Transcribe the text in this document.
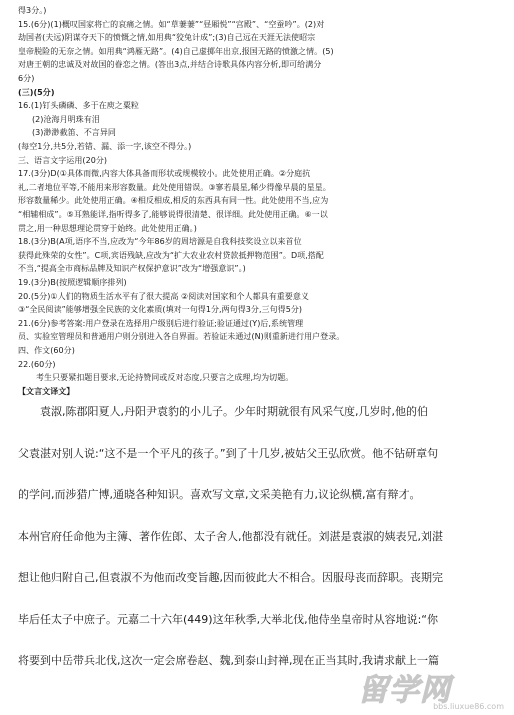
得3分。)
15.(6分)(1)概叹国家将亡的哀痛之情。如“草萋萋”“昼厢悦”“宫殿”、“空蚕吟”。(2)对
劫国者(夫远)阴谋夺天下的愤慨之情,如用典“狡兔计成”;(3)自己远在天涯无法使昭宗
皇帝脱险的无奈之情。如用典“鸿雁无路”。(4)自己虚掷年出京,报国无路的愤激之情。(5)
对唐王朝的忠诚及对故国的眷恋之情。(答出3点,并结合诗歌具体内容分析,即可给满分
6分)
(三)(5分)
16.(1)钉头磷磷、多于在庾之粟粒
(2)沧海月明珠有泪
(3)渺渺截笛、不言异同
(每空1分,共5分,若错、漏、添一字,该空不得分。)
三、语言文字运用(20分)
17.(3分)D(①具体而微,内容大体具备而形状或规模较小。此处使用正确。②分庭抗
礼,二者地位平等,不能用来形容数量。此处使用错误。③寥若晨星,稀少得像早晨的星星。
形容数量稀少。此处使用正确。④相反相成,相反的东西具有同一性。此处使用不当,应为
“相辅相成”。⑤耳熟能详,指听得多了,能够说得很清楚、很详细。此处使用正确。⑥一以
贯之,用一种思想理论贯穿于始终。此处使用正确。)
18.(3分)B(A项,语序不当,应改为“今年86岁的周培源是自我科技奖设立以来首位
获得此殊荣的女性”。C项,宾语残缺,应改为“扩大农业农村贷款抵押物范围”。D项,搭配
不当,“提高全市商标品牌及知识产权保护意识”改为“增强意识”。)
19.(3分)B(按照逻辑顺序排列)
20.(5分)①人们的物质生活水平有了很大提高 ②阅读对国家和个人都具有重要意义
③“全民阅读”能够增强全民族的文化素质(填对一句得1分,两句得3分,三句得5分)
21.(6分)参考答案:用户登录在选择用户级别后进行验证;验证通过(Y)后,系统管理
员、实验室管理员和普通用户则分别进入各自界面。若验证未通过(N)则重新进行用户登录。
四、作文(60分)
22.(60分)
考生只要紧扣题目要求,无论持赞同或反对态度,只要言之成理,均为切题。
【文言文译文】
袁淑,陈郡阳夏人,丹阳尹袁豹的小儿子。少年时期就很有风采气度,几岁时,他的伯
父袁湛对别人说:“这不是一个平凡的孩子。”到了十几岁,被姑父王弘欣赏。他不钻研章句
的学问,而涉猎广博,通晓各种知识。喜欢写文章,文采美艳有力,议论纵横,富有辩才。
本州官府任命他为主簿、著作佐郎、太子舍人,他都没有就任。刘湛是袁淑的姨表兄,刘湛
想让他归附自己,但袁淑不为他而改变旨趣,因而彼此大不相合。因服母丧而辞职。丧期完
毕后任太子中庶子。元嘉二十六年(449)这年秋季,大举北伐,他侍坐皇帝时从容地说:“你
将要到中岳带兵北伐,这次一定会席卷赵、魏,到泰山封禅,现在正当其时,我请求献上一篇
留学网
bbs.liuxue86.com
